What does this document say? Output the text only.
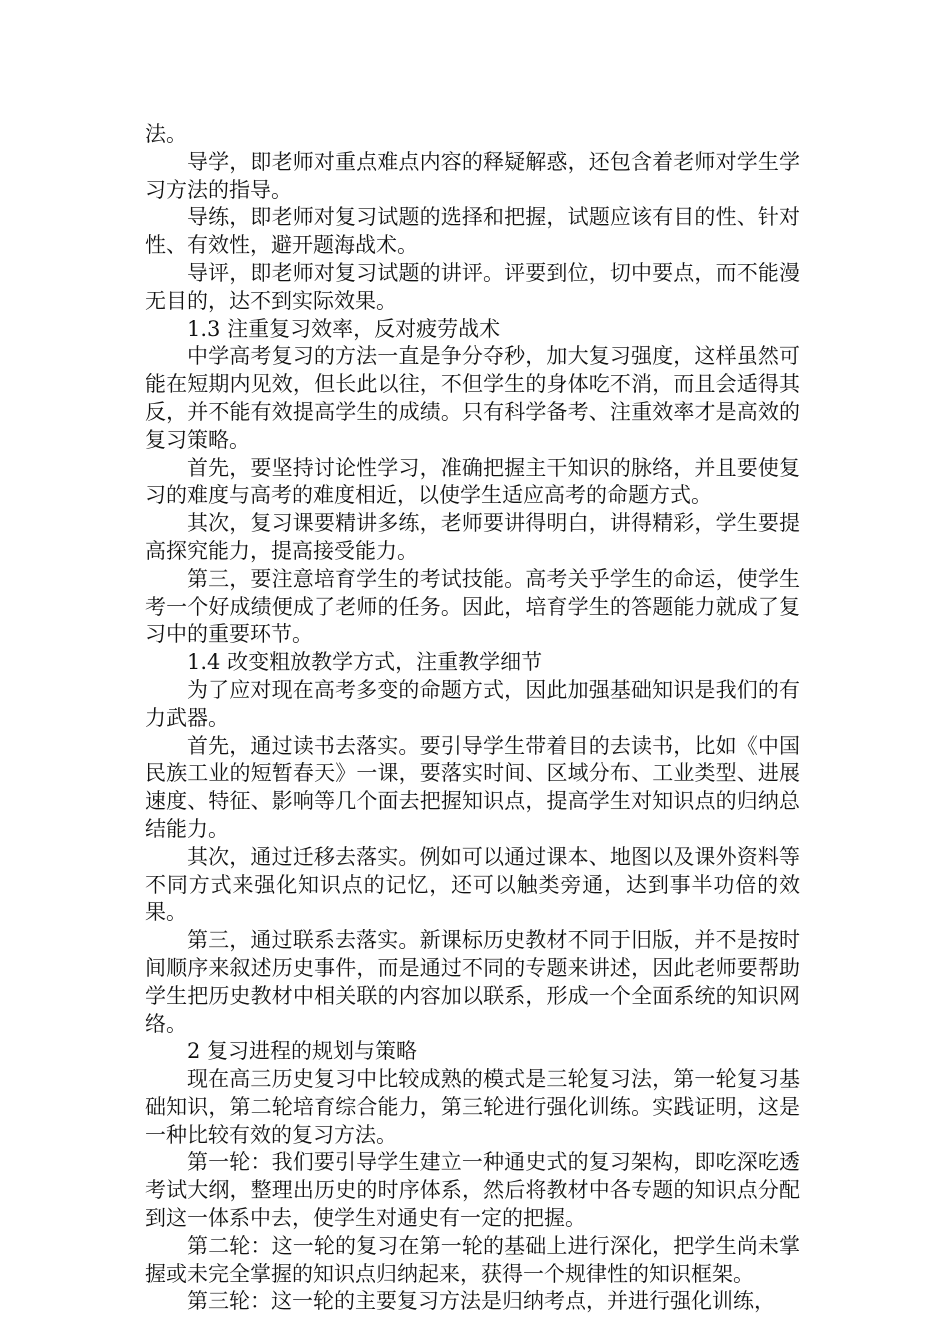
法。

导学，即老师对重点难点内容的释疑解惑，还包含着老师对学生学习方法的指导。

导练，即老师对复习试题的选择和把握，试题应该有目的性、针对性、有效性，避开题海战术。

导评，即老师对复习试题的讲评。评要到位，切中要点，而不能漫无目的，达不到实际效果。

1.3 注重复习效率，反对疲劳战术

中学高考复习的方法一直是争分夺秒，加大复习强度，这样虽然可能在短期内见效，但长此以往，不但学生的身体吃不消，而且会适得其反，并不能有效提高学生的成绩。只有科学备考、注重效率才是高效的复习策略。

首先，要坚持讨论性学习，准确把握主干知识的脉络，并且要使复习的难度与高考的难度相近，以使学生适应高考的命题方式。

其次，复习课要精讲多练，老师要讲得明白，讲得精彩，学生要提高探究能力，提高接受能力。

第三，要注意培育学生的考试技能。高考关乎学生的命运，使学生考一个好成绩便成了老师的任务。因此，培育学生的答题能力就成了复习中的重要环节。

1.4 改变粗放教学方式，注重教学细节

为了应对现在高考多变的命题方式，因此加强基础知识是我们的有力武器。

首先，通过读书去落实。要引导学生带着目的去读书，比如《中国民族工业的短暂春天》一课，要落实时间、区域分布、工业类型、进展速度、特征、影响等几个面去把握知识点，提高学生对知识点的归纳总结能力。

其次，通过迁移去落实。例如可以通过课本、地图以及课外资料等不同方式来强化知识点的记忆，还可以触类旁通，达到事半功倍的效果。

第三，通过联系去落实。新课标历史教材不同于旧版，并不是按时间顺序来叙述历史事件，而是通过不同的专题来讲述，因此老师要帮助学生把历史教材中相关联的内容加以联系，形成一个全面系统的知识网络。

2 复习进程的规划与策略

现在高三历史复习中比较成熟的模式是三轮复习法，第一轮复习基础知识，第二轮培育综合能力，第三轮进行强化训练。实践证明，这是一种比较有效的复习方法。

第一轮：我们要引导学生建立一种通史式的复习架构，即吃深吃透考试大纲，整理出历史的时序体系，然后将教材中各专题的知识点分配到这一体系中去，使学生对通史有一定的把握。

第二轮：这一轮的复习在第一轮的基础上进行深化，把学生尚未掌握或未完全掌握的知识点归纳起来，获得一个规律性的知识框架。

第三轮：这一轮的主要复习方法是归纳考点，并进行强化训练，
